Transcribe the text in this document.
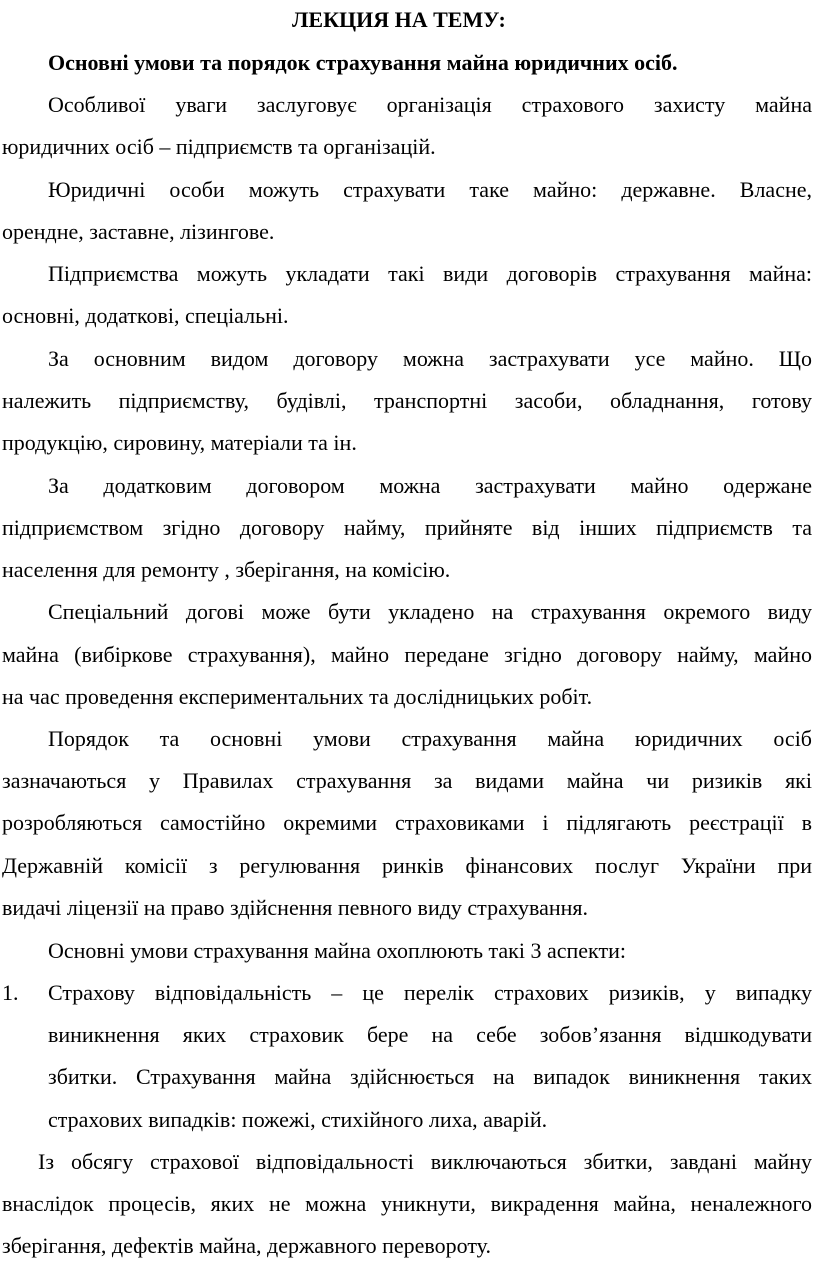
ЛЕКЦИЯ НА ТЕМУ:
Основні умови та порядок страхування майна юридичних осіб.
Особливої уваги заслуговує організація страхового захисту майна
юридичних осіб – підприємств та організацій.
Юридичні особи можуть страхувати таке майно: державне. Власне,
орендне, заставне, лізингове.
Підприємства можуть укладати такі види договорів страхування майна:
основні, додаткові, спеціальні.
За основним видом договору можна застрахувати усе майно. Що
належить підприємству, будівлі, транспортні засоби, обладнання, готову
продукцію, сировину, матеріали та ін.
За додатковим договором можна застрахувати майно одержане
підприємством згідно договору найму, прийняте від інших підприємств та
населення для ремонту , зберігання, на комісію.
Спеціальний догові може бути укладено на страхування окремого виду
майна (вибіркове страхування), майно передане згідно договору найму, майно
на час проведення експериментальних та дослідницьких робіт.
Порядок та основні умови страхування майна юридичних осіб
зазначаються у Правилах страхування за видами майна чи ризиків які
розробляються самостійно окремими страховиками і підлягають реєстрації в
Державній комісії з регулювання ринків фінансових послуг України при
видачі ліцензії на право здійснення певного виду страхування.
Основні умови страхування майна охоплюють такі 3 аспекти:
1. Страхову відповідальність – це перелік страхових ризиків, у випадку
виникнення яких страховик бере на себе зобов’язання відшкодувати
збитки. Страхування майна здійснюється на випадок виникнення таких
страхових випадків: пожежі, стихійного лиха, аварій.
Із обсягу страхової відповідальності виключаються збитки, завдані майну
внаслідок процесів, яких не можна уникнути, викрадення майна, неналежного
зберігання, дефектів майна, державного перевороту.
